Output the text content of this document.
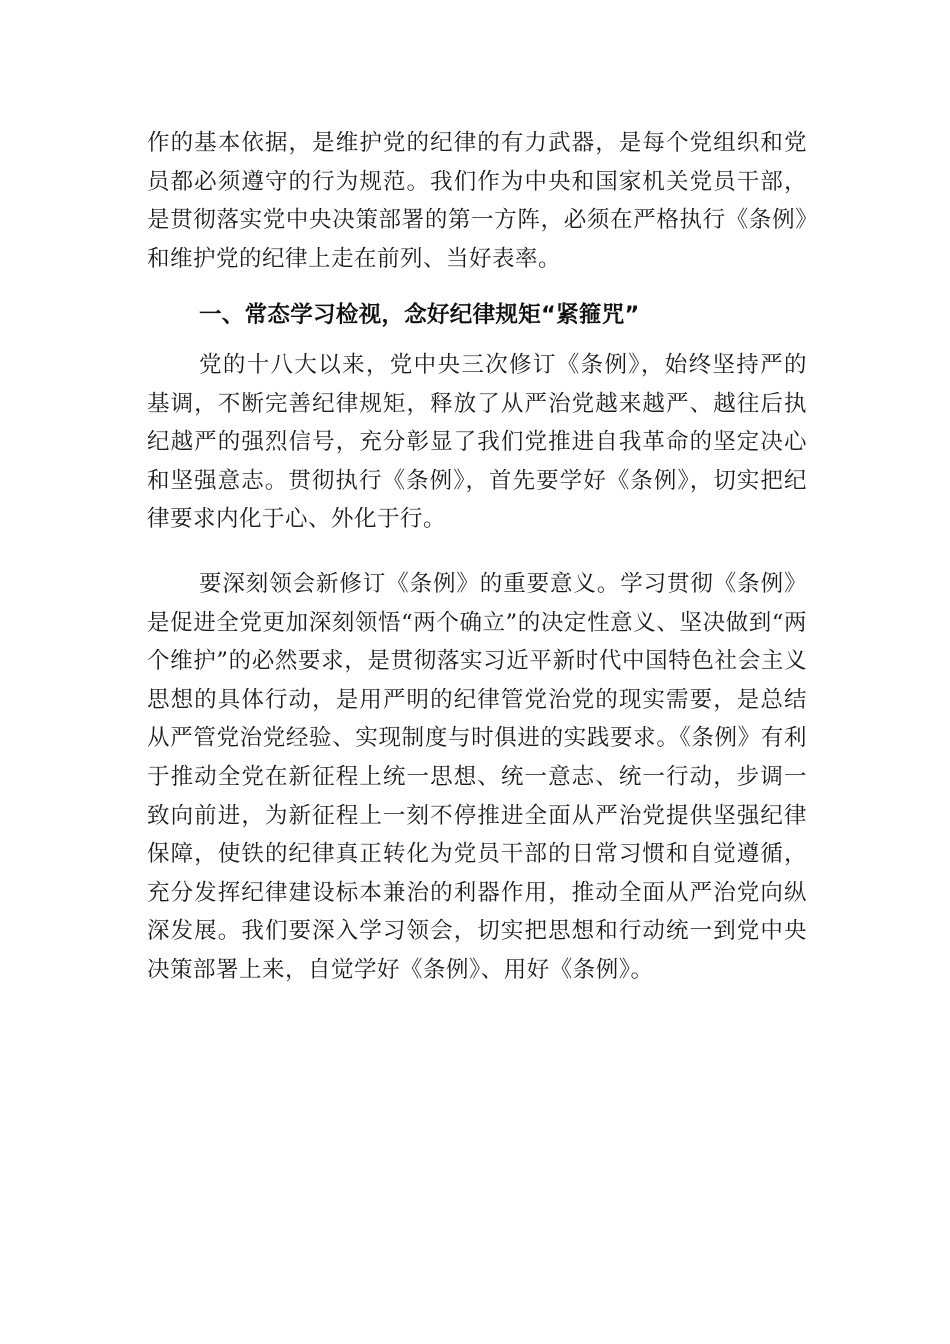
作的基本依据，是维护党的纪律的有力武器，是每个党组织和党员都必须遵守的行为规范。我们作为中央和国家机关党员干部，是贯彻落实党中央决策部署的第一方阵，必须在严格执行《条例》和维护党的纪律上走在前列、当好表率。

一、常态学习检视，念好纪律规矩“紧箍咒”

党的十八大以来，党中央三次修订《条例》，始终坚持严的基调，不断完善纪律规矩，释放了从严治党越来越严、越往后执纪越严的强烈信号，充分彰显了我们党推进自我革命的坚定决心和坚强意志。贯彻执行《条例》，首先要学好《条例》，切实把纪律要求内化于心、外化于行。

要深刻领会新修订《条例》的重要意义。学习贯彻《条例》是促进全党更加深刻领悟“两个确立”的决定性意义、坚决做到“两个维护”的必然要求，是贯彻落实习近平新时代中国特色社会主义思想的具体行动，是用严明的纪律管党治党的现实需要，是总结从严管党治党经验、实现制度与时俱进的实践要求。《条例》有利于推动全党在新征程上统一思想、统一意志、统一行动，步调一致向前进，为新征程上一刻不停推进全面从严治党提供坚强纪律保障，使铁的纪律真正转化为党员干部的日常习惯和自觉遵循，充分发挥纪律建设标本兼治的利器作用，推动全面从严治党向纵深发展。我们要深入学习领会，切实把思想和行动统一到党中央决策部署上来，自觉学好《条例》、用好《条例》。
